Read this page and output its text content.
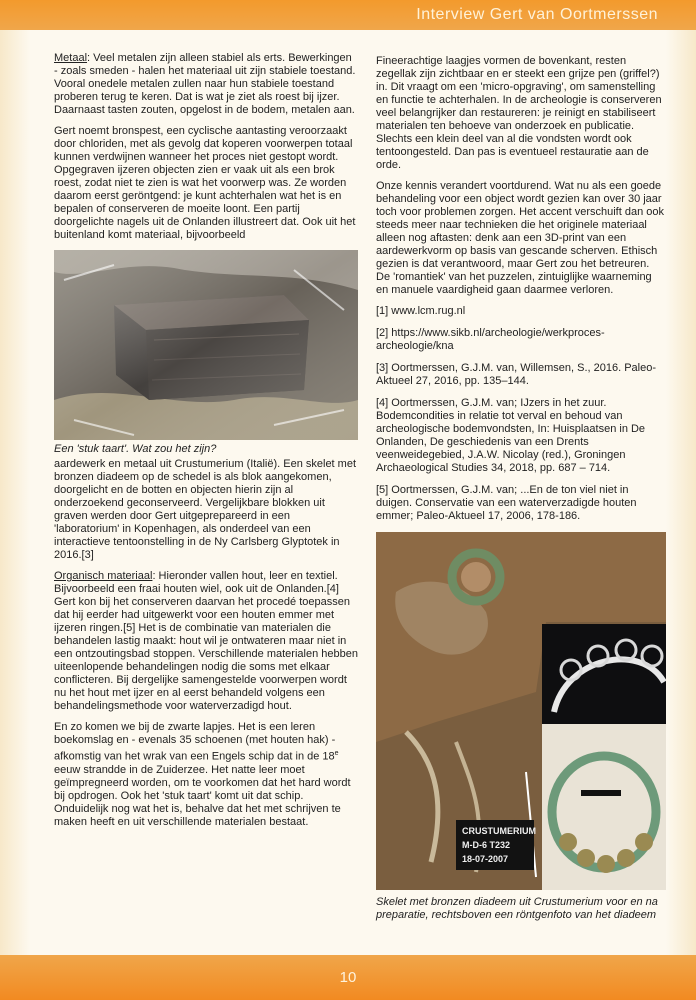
Interview Gert van Oortmerssen

Metaal: Veel metalen zijn alleen stabiel als erts. Bewerkingen - zoals smeden - halen het materiaal uit zijn stabiele toestand. Vooral onedele metalen zullen naar hun stabiele toestand proberen terug te keren. Dat is wat je ziet als roest bij ijzer.
Daarnaast tasten zouten, opgelost in de bodem, metalen aan.

Gert noemt bronspest, een cyclische aantasting veroorzaakt door chloriden, met als gevolg dat koperen voorwerpen totaal kunnen verdwijnen wanneer het proces niet gestopt wordt. Opgegraven ijzeren objecten zien er vaak uit als een brok roest, zodat niet te zien is wat het voorwerp was. Ze worden daarom eerst geröntgend: je kunt achterhalen wat het is en bepalen of conserveren de moeite loont. Een partij doorgelichte nagels uit de Onlanden illustreert dat. Ook uit het buitenland komt materiaal, bijvoorbeeld

Een 'stuk taart'. Wat zou het zijn?

aardewerk en metaal uit Crustumerium (Italië). Een skelet met bronzen diadeem op de schedel is als blok aangekomen, doorgelicht en de botten en objecten hierin zijn al onderzoekend geconserveerd. Vergelijkbare blokken uit graven werden door Gert uitgeprepareerd in een 'laboratorium' in Kopenhagen, als onderdeel van een interactieve tentoonstelling in de Ny Carlsberg Glyptotek in 2016.[3]

Organisch materiaal: Hieronder vallen hout, leer en textiel. Bijvoorbeeld een fraai houten wiel, ook uit de Onlanden.[4] Gert kon bij het conserveren daarvan het procedé toepassen dat hij eerder had uitgewerkt voor een houten emmer met ijzeren ringen.[5] Het is de combinatie van materialen die behandelen lastig maakt: hout wil je ontwateren maar niet in een ontzoutingsbad stoppen. Verschillende materialen hebben uiteenlopende behandelingen nodig die soms met elkaar conflicteren. Bij dergelijke samengestelde voorwerpen wordt nu het hout met ijzer en al eerst behandeld volgens een behandelingsmethode voor waterverzadigd hout.

En zo komen we bij de zwarte lapjes. Het is een leren boekomslag en - evenals 35 schoenen (met houten hak) - afkomstig van het wrak van een Engels schip dat in de 18e eeuw strandde in de Zuiderzee. Het natte leer moet geïmpregneerd worden, om te voorkomen dat het hard wordt bij opdrogen. Ook het 'stuk taart' komt uit dat schip. Onduidelijk nog wat het is, behalve dat het met schrijven te maken heeft en uit verschillende materialen bestaat.

Fineerachtige laagjes vormen de bovenkant, resten zegellak zijn zichtbaar en er steekt een grijze pen (griffel?) in. Dit vraagt om een 'micro-opgraving', om samenstelling en functie te achterhalen. In de archeologie is conserveren veel belangrijker dan restaureren: je reinigt en stabiliseert materialen ten behoeve van onderzoek en publicatie. Slechts een klein deel van al die vondsten wordt ook tentoongesteld. Dan pas is eventueel restauratie aan de orde.

Onze kennis verandert voortdurend. Wat nu als een goede behandeling voor een object wordt gezien kan over 30 jaar toch voor problemen zorgen. Het accent verschuift dan ook steeds meer naar technieken die het originele materiaal alleen nog aftasten: denk aan een 3D-print van een aardewerkvorm op basis van gescande scherven. Ethisch gezien is dat verantwoord, maar Gert zou het betreuren. De 'romantiek' van het puzzelen, zintuiglijke waarneming en manuele vaardigheid gaan daarmee verloren.

[1] www.lcm.rug.nl

[2] https://www.sikb.nl/archeologie/werkproces-archeologie/kna

[3] Oortmerssen, G.J.M. van, Willemsen, S., 2016. Paleo-Aktueel 27, 2016, pp. 135–144.

[4] Oortmerssen, G.J.M. van; IJzers in het zuur. Bodemcondities in relatie tot verval en behoud van archeologische bodemvondsten, In: Huisplaatsen in De Onlanden, De geschiedenis van een Drents veenweidegebied, J.A.W. Nicolay (red.), Groningen Archaeological Studies 34, 2018, pp. 687 – 714.

[5] Oortmerssen, G.J.M. van; ...En de ton viel niet in duigen. Conservatie van een waterverzadigde houten emmer; Paleo-Aktueel 17, 2006, 178-186.

CRUSTUMERIUM
M-D-6 T232
18-07-2007
Skelet met bronzen diadeem uit Crustumerium voor en na preparatie, rechtsboven een röntgenfoto van het diadeem
10
